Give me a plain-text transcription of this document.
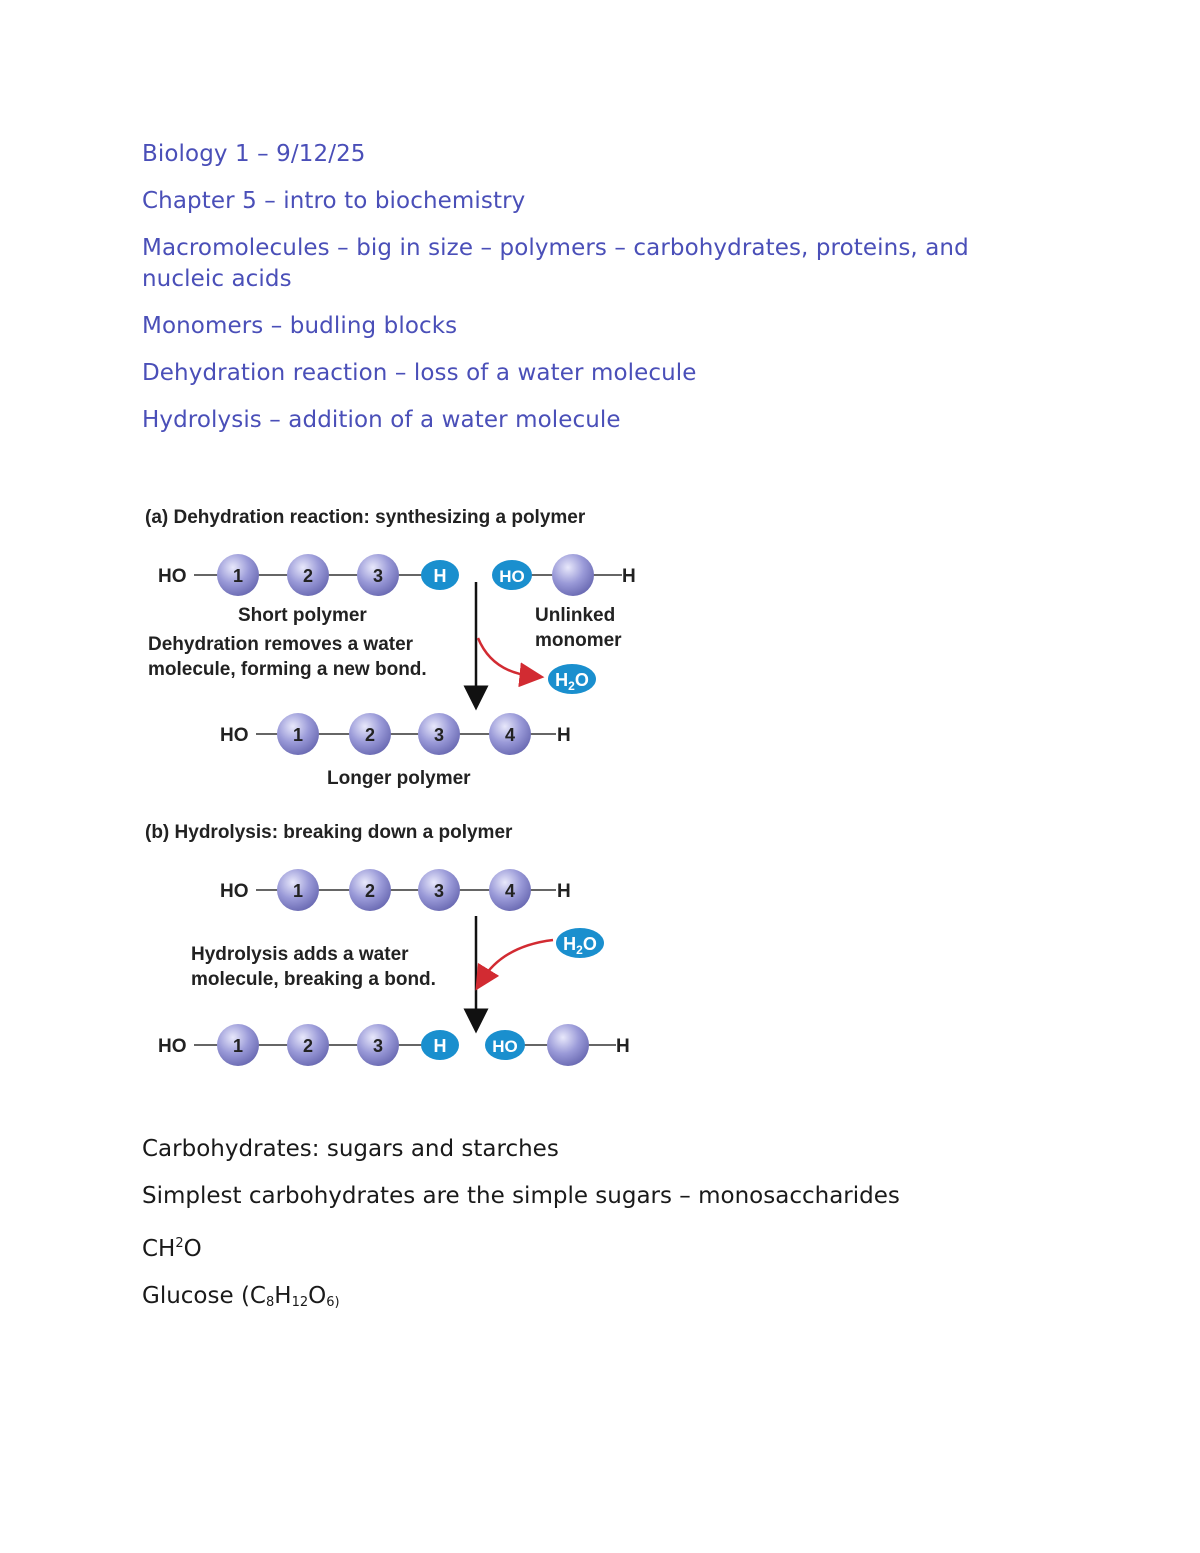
Biology 1 – 9/12/25

Chapter 5 – intro to biochemistry

Macromolecules – big in size – polymers – carbohydrates, proteins, and nucleic acids

Monomers – budling blocks

Dehydration reaction – loss of a water molecule

Hydrolysis – addition of a water molecule

(a) Dehydration reaction: synthesizing a polymer
HO	1	2	3	H	HO	H
Short polymer	Unlinked
monomer
Dehydration removes a water
molecule, forming a new bond.	$H_2O$
HO 1	2	3	4 H
Longer polymer
(b) Hydrolysis: breaking down a polymer
HO 1	2	3	4 H
Hydrolysis adds a water
molecule, breaking a bond.
$H_2O$
HO	1	2	3	H	HO	H

Carbohydrates: sugars and starches

Simplest carbohydrates are the simple sugars – monosaccharides

$CH^2O$

Glucose ($C_8H_{12}O_{6)}$
